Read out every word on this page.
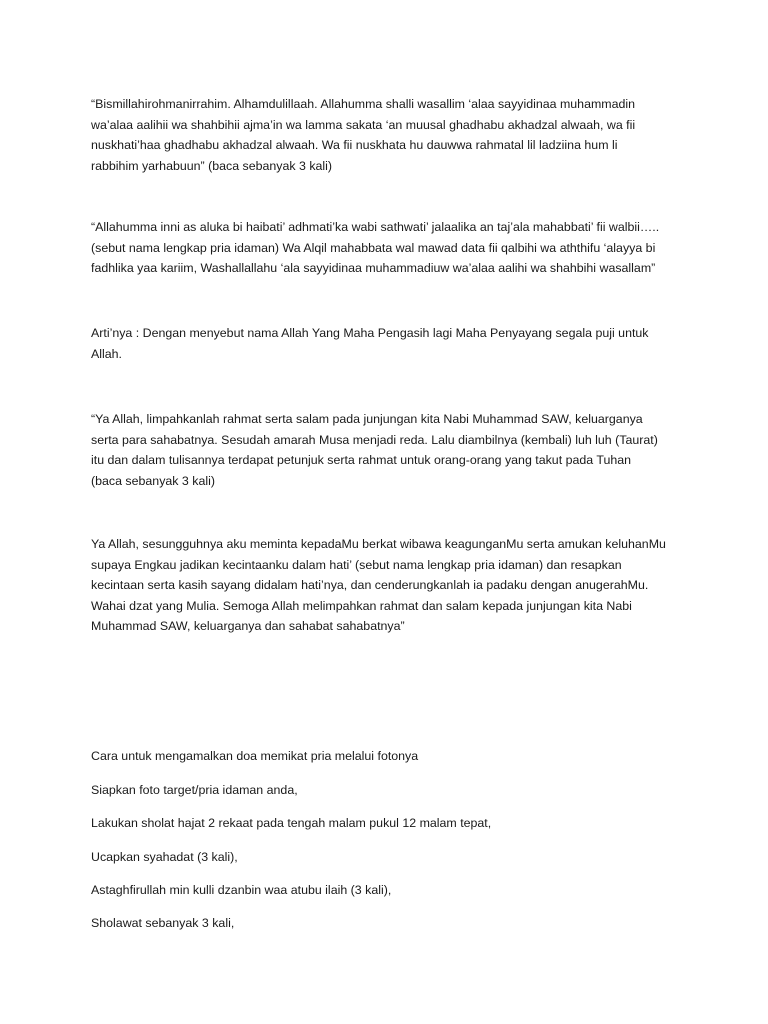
“Bismillahirohmanirrahim. Alhamdulillaah. Allahumma shalli wasallim ‘alaa sayyidinaa muhammadin
wa’alaa aalihii wa shahbihii ajma’in wa lamma sakata ‘an muusal ghadhabu akhadzal alwaah, wa fii
nuskhati’haa ghadhabu akhadzal alwaah. Wa fii nuskhata hu dauwwa rahmatal lil ladziina hum li
rabbihim yarhabuun” (baca sebanyak 3 kali)

“Allahumma inni as aluka bi haibati’ adhmati’ka wabi sathwati’ jalaalika an taj’ala mahabbati’ fii walbii…..
(sebut nama lengkap pria idaman) Wa Alqil mahabbata wal mawad data fii qalbihi wa aththifu ‘alayya bi
fadhlika yaa kariim, Washallallahu ‘ala sayyidinaa muhammadiuw wa’alaa aalihi wa shahbihi wasallam”

Arti’nya : Dengan menyebut nama Allah Yang Maha Pengasih lagi Maha Penyayang segala puji untuk
Allah.

“Ya Allah, limpahkanlah rahmat serta salam pada junjungan kita Nabi Muhammad SAW, keluarganya
serta para sahabatnya. Sesudah amarah Musa menjadi reda. Lalu diambilnya (kembali) luh luh (Taurat)
itu dan dalam tulisannya terdapat petunjuk serta rahmat untuk orang-orang yang takut pada Tuhan
(baca sebanyak 3 kali)

Ya Allah, sesungguhnya aku meminta kepadaMu berkat wibawa keagunganMu serta amukan keluhanMu
supaya Engkau jadikan kecintaanku dalam hati’ (sebut nama lengkap pria idaman) dan resapkan
kecintaan serta kasih sayang didalam hati’nya, dan cenderungkanlah ia padaku dengan anugerahMu.
Wahai dzat yang Mulia. Semoga Allah melimpahkan rahmat dan salam kepada junjungan kita Nabi
Muhammad SAW, keluarganya dan sahabat sahabatnya”

Cara untuk mengamalkan doa memikat pria melalui fotonya

Siapkan foto target/pria idaman anda,

Lakukan sholat hajat 2 rekaat pada tengah malam pukul 12 malam tepat,

Ucapkan syahadat (3 kali),

Astaghfirullah min kulli dzanbin waa atubu ilaih (3 kali),

Sholawat sebanyak 3 kali,
